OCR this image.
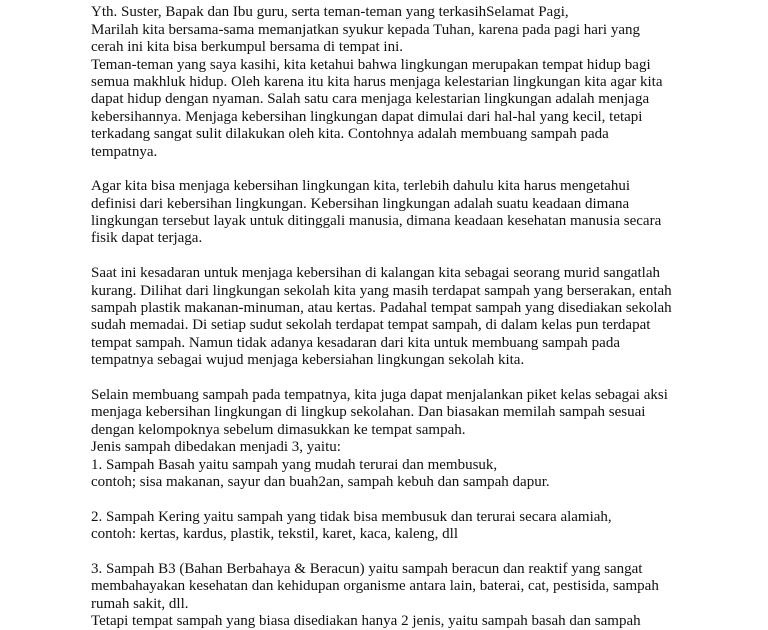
Yth. Suster, Bapak dan Ibu guru, serta teman-teman yang terkasihSelamat Pagi,
Marilah kita bersama-sama memanjatkan syukur kepada Tuhan, karena pada pagi hari yang
cerah ini kita bisa berkumpul bersama di tempat ini.
Teman-teman yang saya kasihi, kita ketahui bahwa lingkungan merupakan tempat hidup bagi
semua makhluk hidup. Oleh karena itu kita harus menjaga kelestarian lingkungan kita agar kita
dapat hidup dengan nyaman. Salah satu cara menjaga kelestarian lingkungan adalah menjaga
kebersihannya. Menjaga kebersihan lingkungan dapat dimulai dari hal-hal yang kecil, tetapi
terkadang sangat sulit dilakukan oleh kita. Contohnya adalah membuang sampah pada
tempatnya.
Agar kita bisa menjaga kebersihan lingkungan kita, terlebih dahulu kita harus mengetahui
definisi dari kebersihan lingkungan. Kebersihan lingkungan adalah suatu keadaan dimana
lingkungan tersebut layak untuk ditinggali manusia, dimana keadaan kesehatan manusia secara
fisik dapat terjaga.
Saat ini kesadaran untuk menjaga kebersihan di kalangan kita sebagai seorang murid sangatlah
kurang. Dilihat dari lingkungan sekolah kita yang masih terdapat sampah yang berserakan, entah
sampah plastik makanan-minuman, atau kertas. Padahal tempat sampah yang disediakan sekolah
sudah memadai. Di setiap sudut sekolah terdapat tempat sampah, di dalam kelas pun terdapat
tempat sampah. Namun tidak adanya kesadaran dari kita untuk membuang sampah pada
tempatnya sebagai wujud menjaga kebersiahan lingkungan sekolah kita.
Selain membuang sampah pada tempatnya, kita juga dapat menjalankan piket kelas sebagai aksi
menjaga kebersihan lingkungan di lingkup sekolahan. Dan biasakan memilah sampah sesuai
dengan kelompoknya sebelum dimasukkan ke tempat sampah.
Jenis sampah dibedakan menjadi 3, yaitu:
1. Sampah Basah yaitu sampah yang mudah terurai dan membusuk,
contoh; sisa makanan, sayur dan buah2an, sampah kebuh dan sampah dapur.
2. Sampah Kering yaitu sampah yang tidak bisa membusuk dan terurai secara alamiah,
contoh: kertas, kardus, plastik, tekstil, karet, kaca, kaleng, dll
3. Sampah B3 (Bahan Berbahaya & Beracun) yaitu sampah beracun dan reaktif yang sangat
membahayakan kesehatan dan kehidupan organisme antara lain, baterai, cat, pestisida, sampah
rumah sakit, dll.
Tetapi tempat sampah yang biasa disediakan hanya 2 jenis, yaitu sampah basah dan sampah
